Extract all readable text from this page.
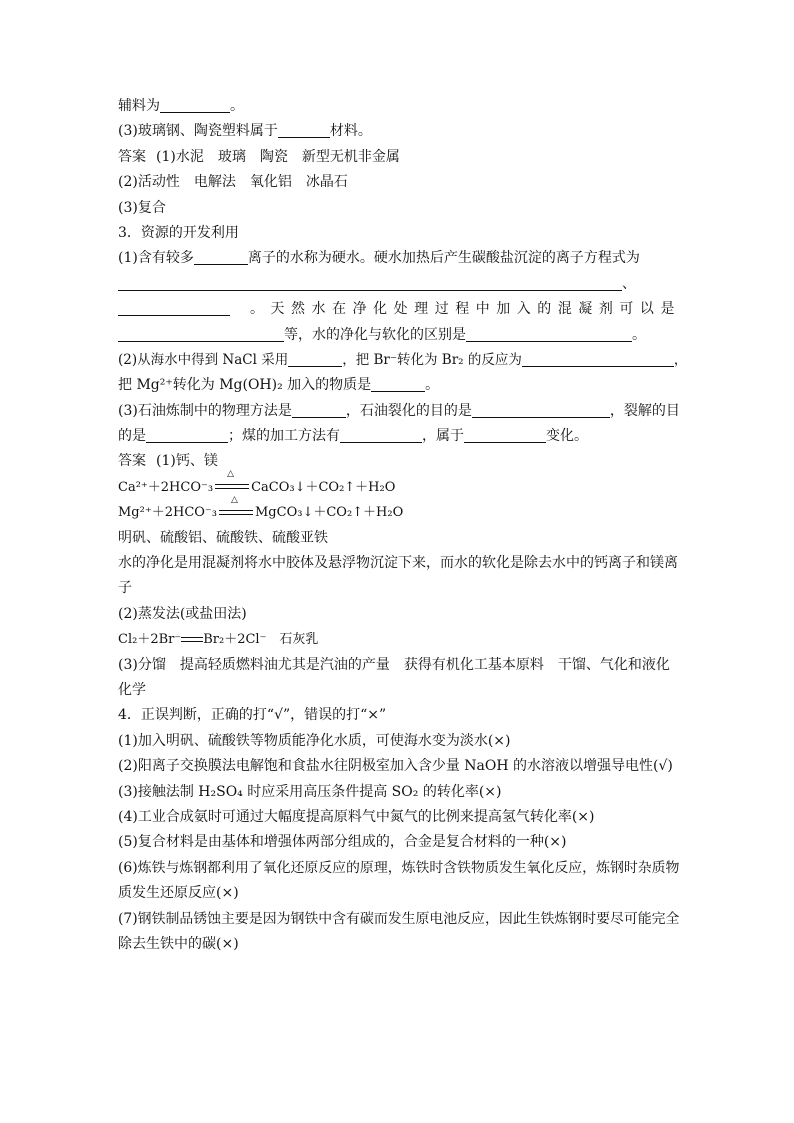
辅料为	。
(3)玻璃钢、陶瓷塑料属于	材料。
答案 (1)水泥　玻璃　陶瓷　新型无机非金属
(2)活动性　电解法　氧化铝　冰晶石
(3)复合
3．资源的开发利用
(1)含有较多	离子的水称为硬水。硬水加热后产生碳酸盐沉淀的离子方程式为
、
。天然水在净化处理过程中加入的混凝剂可以是
等，水的净化与软化的区别是	。
(2)从海水中得到 NaCl 采用	，把 Br⁻转化为 Br₂ 的反应为	，
把 Mg²⁺转化为 Mg(OH)₂ 加入的物质是	。
(3)石油炼制中的物理方法是	，石油裂化的目的是	，裂解的目
的是	；煤的加工方法有	，属于	变化。
答案 (1)钙、镁
Ca²⁺＋2HCO⁻₃
△
CaCO₃↓＋CO₂↑＋H₂O
Mg²⁺＋2HCO⁻₃
△
MgCO₃↓＋CO₂↑＋H₂O
明矾、硫酸铝、硫酸铁、硫酸亚铁
水的净化是用混凝剂将水中胶体及悬浮物沉淀下来，而水的软化是除去水中的钙离子和镁离
子
(2)蒸发法(或盐田法)
Cl₂＋2Br⁻ Br₂＋2Cl⁻　石灰乳
(3)分馏　提高轻质燃料油尤其是汽油的产量　获得有机化工基本原料　干馏、气化和液化
化学
4．正误判断，正确的打“√”，错误的打“×”
(1)加入明矾、硫酸铁等物质能净化水质，可使海水变为淡水(×)
(2)阳离子交换膜法电解饱和食盐水往阴极室加入含少量 NaOH 的水溶液以增强导电性(√)
(3)接触法制 H₂SO₄ 时应采用高压条件提高 SO₂ 的转化率(×)
(4)工业合成氨时可通过大幅度提高原料气中氮气的比例来提高氢气转化率(×)
(5)复合材料是由基体和增强体两部分组成的，合金是复合材料的一种(×)
(6)炼铁与炼钢都利用了氧化还原反应的原理，炼铁时含铁物质发生氧化反应，炼钢时杂质物
质发生还原反应(×)
(7)钢铁制品锈蚀主要是因为钢铁中含有碳而发生原电池反应，因此生铁炼钢时要尽可能完全
除去生铁中的碳(×)
